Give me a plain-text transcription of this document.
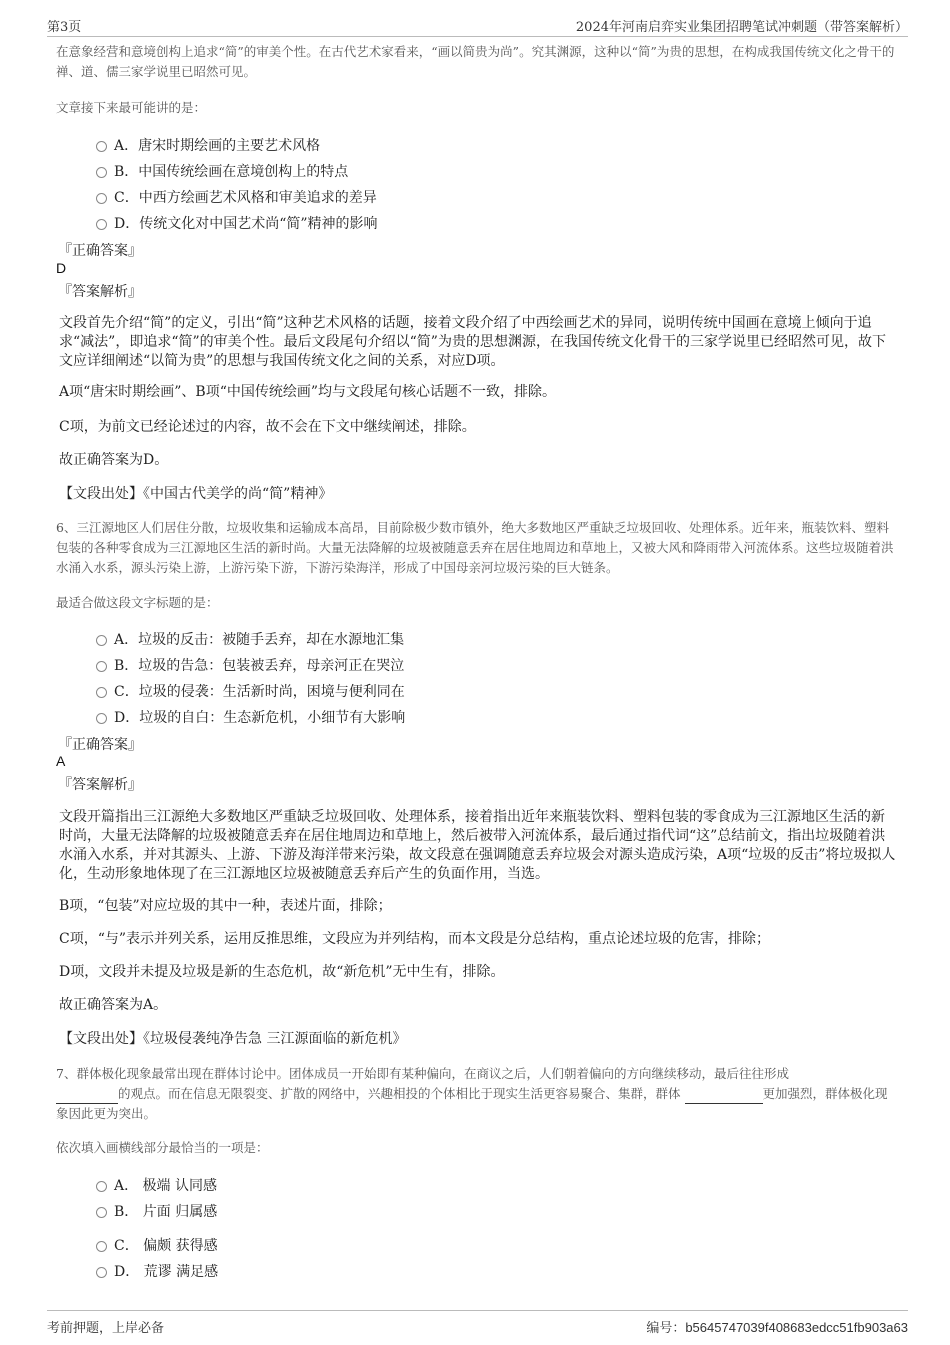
第3页	2024年河南启弈实业集团招聘笔试冲刺题（带答案解析）

在意象经营和意境创构上追求“简”的审美个性。在古代艺术家看来，“画以简贵为尚”。究其渊源，这种以“简”为贵的思想，在构成我国传统文化之骨干的禅、道、儒三家学说里已昭然可见。

文章接下来最可能讲的是：

A．唐宋时期绘画的主要艺术风格
B．中国传统绘画在意境创构上的特点
C．中西方绘画艺术风格和审美追求的差异
D．传统文化对中国艺术尚“简”精神的影响
『正确答案』
D
『答案解析』

文段首先介绍“简”的定义，引出“简”这种艺术风格的话题，接着文段介绍了中西绘画艺术的异同，说明传统中国画在意境上倾向于追求“减法”，即追求“简”的审美个性。最后文段尾句介绍以“简”为贵的思想渊源，在我国传统文化骨干的三家学说里已经昭然可见，故下文应详细阐述“以简为贵”的思想与我国传统文化之间的关系，对应D项。

A项“唐宋时期绘画”、B项“中国传统绘画”均与文段尾句核心话题不一致，排除。

C项，为前文已经论述过的内容，故不会在下文中继续阐述，排除。

故正确答案为D。

【文段出处】《中国古代美学的尚“简”精神》

6、三江源地区人们居住分散，垃圾收集和运输成本高昂，目前除极少数市镇外，绝大多数地区严重缺乏垃圾回收、处理体系。近年来，瓶装饮料、塑料包装的各种零食成为三江源地区生活的新时尚。大量无法降解的垃圾被随意丢弃在居住地周边和草地上，又被大风和降雨带入河流体系。这些垃圾随着洪水涌入水系，源头污染上游，上游污染下游，下游污染海洋，形成了中国母亲河垃圾污染的巨大链条。

最适合做这段文字标题的是：

A．垃圾的反击：被随手丢弃，却在水源地汇集
B．垃圾的告急：包装被丢弃，母亲河正在哭泣
C．垃圾的侵袭：生活新时尚，困境与便利同在
D．垃圾的自白：生态新危机，小细节有大影响
『正确答案』
A
『答案解析』

文段开篇指出三江源绝大多数地区严重缺乏垃圾回收、处理体系，接着指出近年来瓶装饮料、塑料包装的零食成为三江源地区生活的新时尚，大量无法降解的垃圾被随意丢弃在居住地周边和草地上，然后被带入河流体系，最后通过指代词“这”总结前文，指出垃圾随着洪水涌入水系，并对其源头、上游、下游及海洋带来污染，故文段意在强调随意丢弃垃圾会对源头造成污染，A项“垃圾的反击”将垃圾拟人化，生动形象地体现了在三江源地区垃圾被随意丢弃后产生的负面作用，当选。

B项，“包装”对应垃圾的其中一种，表述片面，排除；

C项，“与”表示并列关系，运用反推思维，文段应为并列结构，而本文段是分总结构，重点论述垃圾的危害，排除；

D项，文段并未提及垃圾是新的生态危机，故“新危机”无中生有，排除。

故正确答案为A。

【文段出处】《垃圾侵袭纯净告急 三江源面临的新危机》

7、群体极化现象最常出现在群体讨论中。团体成员一开始即有某种偏向，在商议之后，人们朝着偏向的方向继续移动，最后往往形成
的观点。而在信息无限裂变、扩散的网络中，兴趣相投的个体相比于现实生活更容易聚合、集群，群体	更加强烈，群体极化现象因此更为突出。

依次填入画横线部分最恰当的一项是：

A． 极端 认同感
B． 片面 归属感
C． 偏颇 获得感
D． 荒谬 满足感
考前押题，上岸必备	编号：b5645747039f408683edcc51fb903a63
